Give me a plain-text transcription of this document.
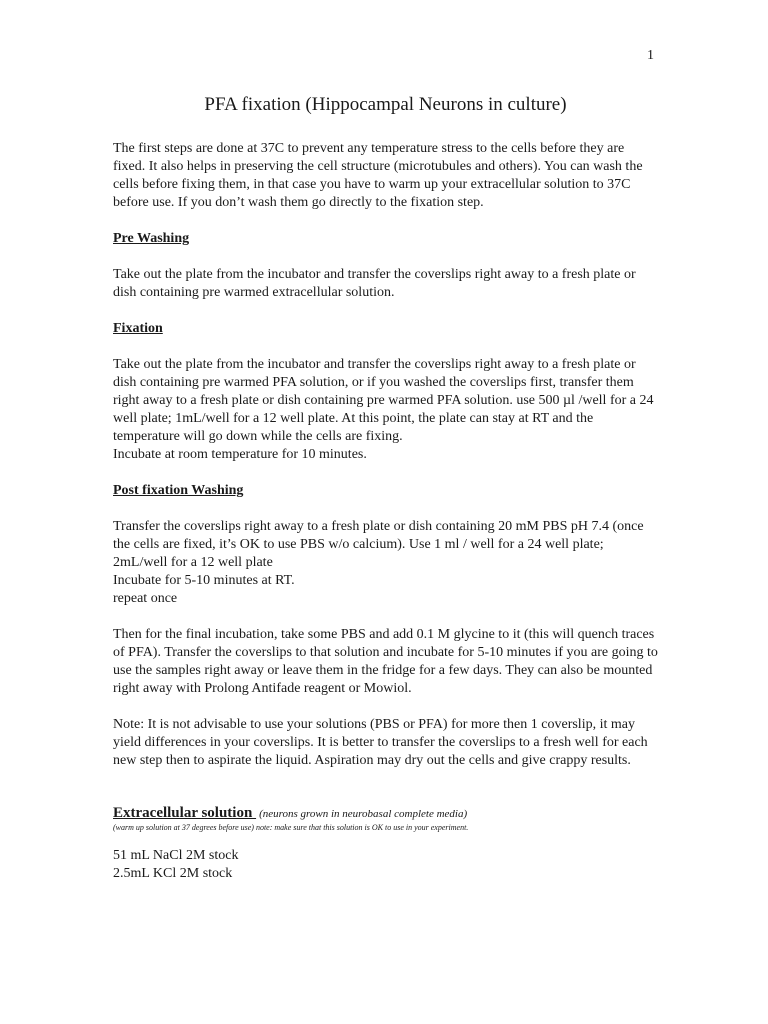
1
PFA fixation (Hippocampal Neurons in culture)

The first steps are done at 37C to prevent any temperature stress to the cells before they are fixed. It also helps in preserving the cell structure (microtubules and others). You can wash the cells before fixing them, in that case you have to warm up your extracellular solution to 37C before use. If you don’t wash them go directly to the fixation step.

Pre Washing

Take out the plate from the incubator and transfer the coverslips right away to a fresh plate or dish containing pre warmed extracellular solution.

Fixation

Take out the plate from the incubator and transfer the coverslips right away to a fresh plate or dish containing pre warmed PFA solution, or if you washed the coverslips first, transfer them right away to a fresh plate or dish containing pre warmed PFA solution. use 500 µl /well for a 24 well plate; 1mL/well for a 12 well plate. At this point, the plate can stay at RT and the temperature will go down while the cells are fixing.
Incubate at room temperature for 10 minutes.

Post fixation Washing

Transfer the coverslips right away to a fresh plate or dish containing 20 mM PBS pH 7.4 (once the cells are fixed, it’s OK to use PBS w/o calcium). Use 1 ml / well for a 24 well plate; 2mL/well for a 12 well plate
Incubate for 5-10 minutes at RT.
repeat once

Then for the final incubation, take some PBS and add 0.1 M glycine to it (this will quench traces of PFA). Transfer the coverslips to that solution and incubate for 5-10 minutes if you are going to use the samples right away or leave them in the fridge for a few days. They can also be mounted right away with Prolong Antifade reagent or Mowiol.

Note: It is not advisable to use your solutions (PBS or PFA) for more then 1 coverslip, it may yield differences in your coverslips. It is better to transfer the coverslips to a fresh well for each new step then to aspirate the liquid. Aspiration may dry out the cells and give crappy results.

Extracellular solution (neurons grown in neurobasal complete media)
(warm up solution at 37 degrees before use) note: make sure that this solution is OK to use in your experiment.
51 mL NaCl 2M stock
2.5mL KCl 2M stock
